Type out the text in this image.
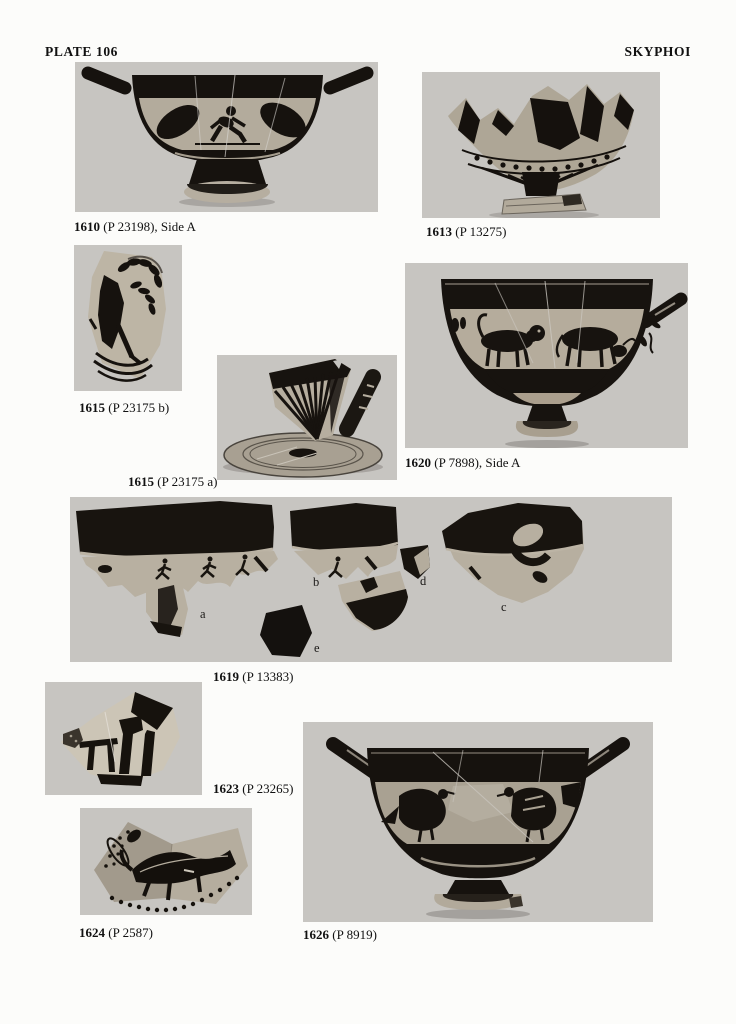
PLATE 106	SKYPHOI
1610 (P 23198), Side A	1613 (P 13275)
1615 (P 23175 b)
1615 (P 23175 a)
1620 (P 7898), Side A
a
b
c
d
e
1619 (P 13383)
1623 (P 23265)
1624 (P 2587)	1626 (P 8919)
